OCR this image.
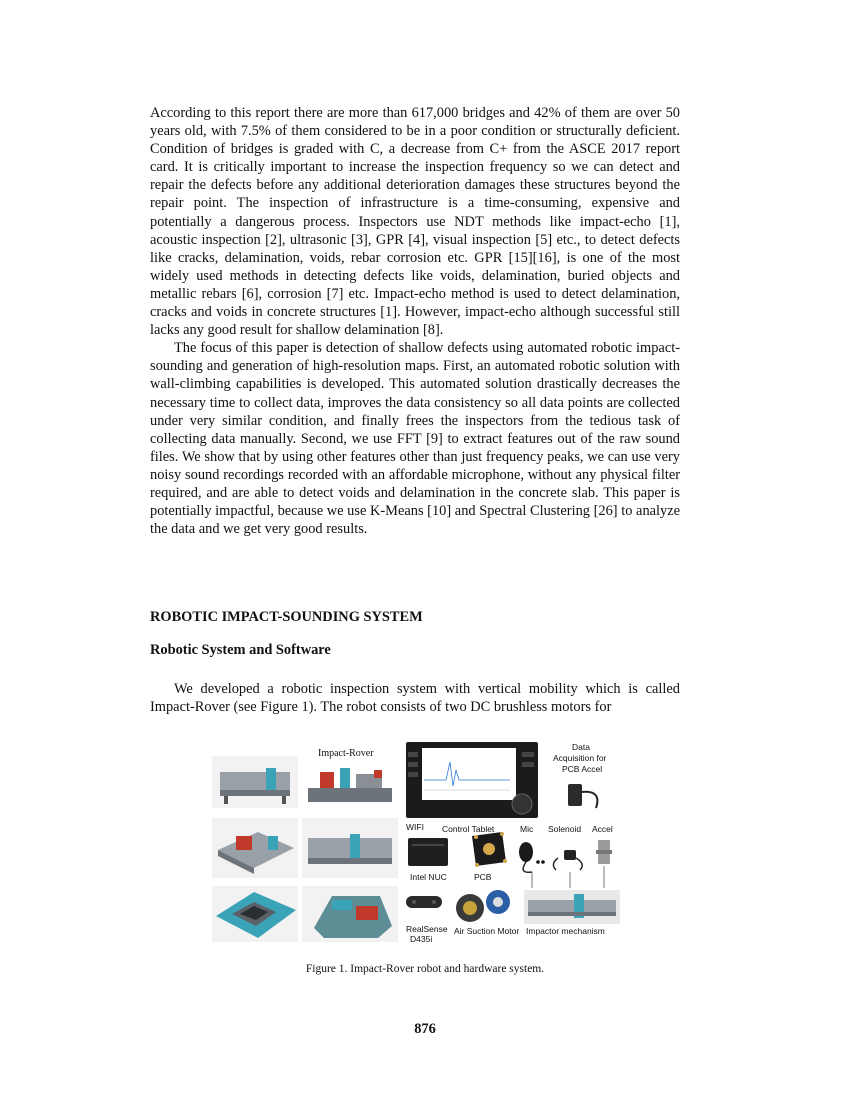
According to this report there are more than 617,000 bridges and 42% of them are over 50 years old, with 7.5% of them considered to be in a poor condition or structurally deficient. Condition of bridges is graded with C, a decrease from C+ from the ASCE 2017 report card. It is critically important to increase the inspection frequency so we can detect and repair the defects before any additional deterioration damages these structures beyond the repair point. The inspection of infrastructure is a time-consuming, expensive and potentially a dangerous process. Inspectors use NDT methods like impact-echo [1], acoustic inspection [2], ultrasonic [3], GPR [4], visual inspection [5] etc., to detect defects like cracks, delamination, voids, rebar corrosion etc. GPR [15][16], is one of the most widely used methods in detecting defects like voids, delamination, buried objects and metallic rebars [6], corrosion [7] etc. Impact-echo method is used to detect delamination, cracks and voids in concrete structures [1]. However, impact-echo although successful still lacks any good result for shallow delamination [8].

The focus of this paper is detection of shallow defects using automated robotic impact-sounding and generation of high-resolution maps. First, an automated robotic solution with wall-climbing capabilities is developed. This automated solution drastically decreases the necessary time to collect data, improves the data consistency so all data points are collected under very similar condition, and finally frees the inspectors from the tedious task of collecting data manually. Second, we use FFT [9] to extract features out of the raw sound files. We show that by using other features other than just frequency peaks, we can use very noisy sound recordings recorded with an affordable microphone, without any physical filter required, and are able to detect voids and delamination in the concrete slab. This paper is potentially impactful, because we use K-Means [10] and Spectral Clustering [26] to analyze the data and we get very good results.

ROBOTIC IMPACT-SOUNDING SYSTEM
Robotic System and Software

We developed a robotic inspection system with vertical mobility which is called Impact-Rover (see Figure 1). The robot consists of two DC brushless motors for

Impact-Rover
Control Tablet
Data
Acquisition for
PCB Accel
WIFI	Mic Solenoid Accel
Intel NUC	PCB
RealSense
D435i
Air Suction Motor Impactor mechanism
Figure 1. Impact-Rover robot and hardware system.
876
